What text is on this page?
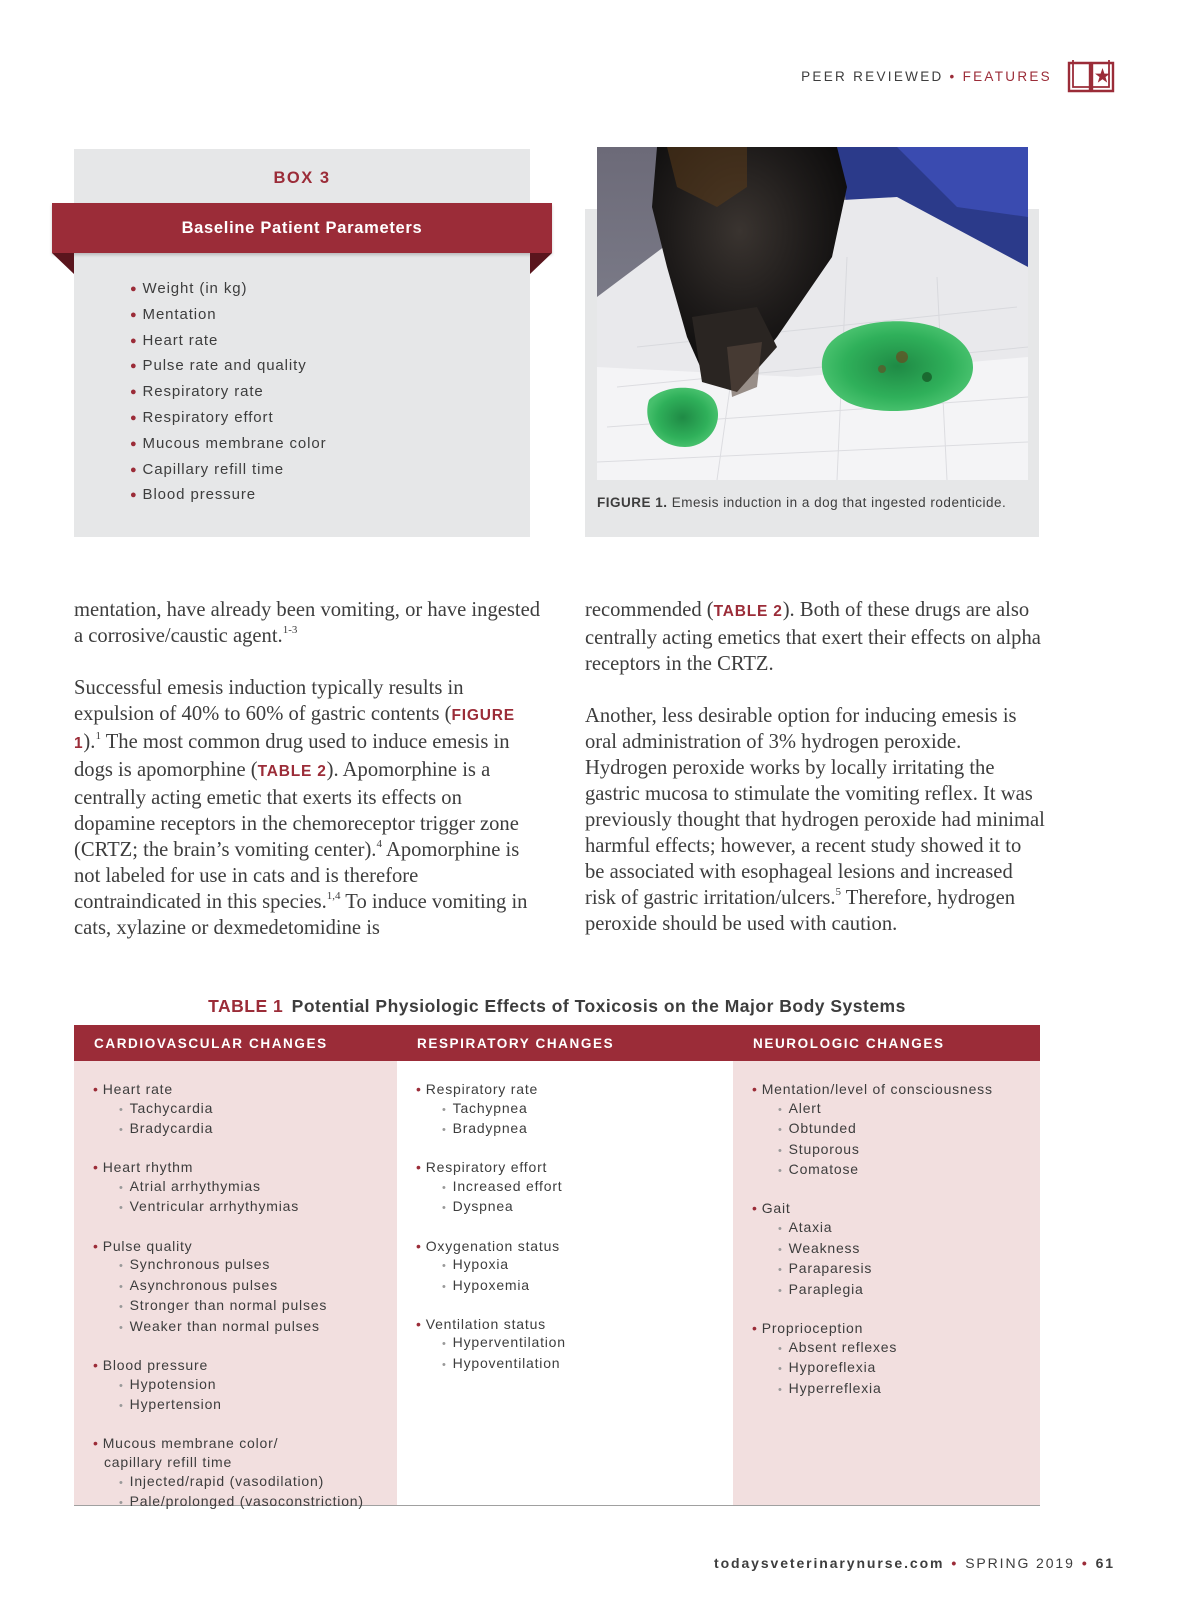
PEER REVIEWED • FEATURES
BOX 3
Baseline Patient Parameters
● Weight (in kg)
● Mentation
● Heart rate
● Pulse rate and quality
● Respiratory rate
● Respiratory effort
● Mucous membrane color
● Capillary refill time
● Blood pressure	FIGURE 1. Emesis induction in a dog that ingested rodenticide.

mentation, have already been vomiting, or have ingested a corrosive/caustic agent.$^{1-3}$

Successful emesis induction typically results in expulsion of 40% to 60% of gastric contents (FIGURE 1).$^1$ The most common drug used to induce emesis in dogs is apomorphine (TABLE 2). Apomorphine is a centrally acting emetic that exerts its effects on dopamine receptors in the chemoreceptor trigger zone (CRTZ; the brain’s vomiting center).$^4$ Apomorphine is not labeled for use in cats and is therefore contraindicated in this species.$^{1,4}$ To induce vomiting in cats, xylazine or dexmedetomidine is

recommended (TABLE 2). Both of these drugs are also centrally acting emetics that exert their effects on alpha receptors in the CRTZ.

Another, less desirable option for inducing emesis is oral administration of 3% hydrogen peroxide. Hydrogen peroxide works by locally irritating the gastric mucosa to stimulate the vomiting reflex. It was previously thought that hydrogen peroxide had minimal harmful effects; however, a recent study showed it to be associated with esophageal lesions and increased risk of gastric irritation/ulcers.$^5$ Therefore, hydrogen peroxide should be used with caution.

TABLE 1 Potential Physiologic Effects of Toxicosis on the Major Body Systems
CARDIOVASCULAR CHANGES
• Heart rate
• Tachycardia
• Bradycardia
• Heart rhythm
• Atrial arrhythymias
• Ventricular arrhythymias
• Pulse quality
• Synchronous pulses
• Asynchronous pulses
• Stronger than normal pulses
• Weaker than normal pulses
• Blood pressure
• Hypotension
• Hypertension
• Mucous membrane color/
capillary refill time
• Injected/rapid (vasodilation)
• Pale/prolonged (vasoconstriction)
RESPIRATORY CHANGES
• Respiratory rate
• Tachypnea
• Bradypnea
• Respiratory effort
• Increased effort
• Dyspnea
• Oxygenation status
• Hypoxia
• Hypoxemia
• Ventilation status
• Hyperventilation
• Hypoventilation
NEUROLOGIC CHANGES
• Mentation/level of consciousness
• Alert
• Obtunded
• Stuporous
• Comatose
• Gait
• Ataxia
• Weakness
• Paraparesis
• Paraplegia
• Proprioception
• Absent reflexes
• Hyporeflexia
• Hyperreflexia
todaysveterinarynurse.com • SPRING 2019 • 61
